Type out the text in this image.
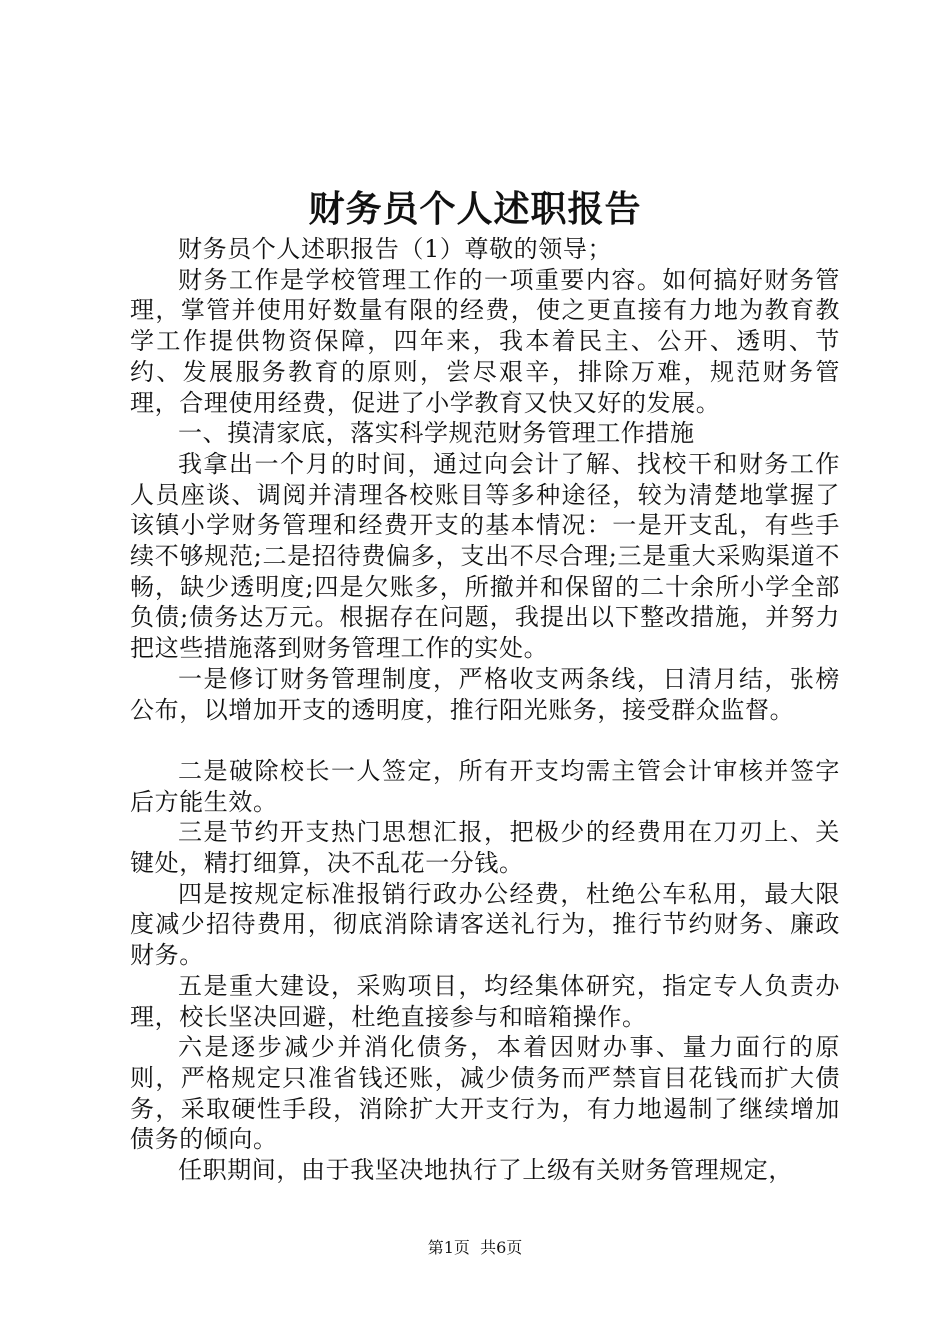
财务员个人述职报告

财务员个人述职报告（1）尊敬的领导；

财务工作是学校管理工作的一项重要内容。如何搞好财务管理，掌管并使用好数量有限的经费，使之更直接有力地为教育教学工作提供物资保障，四年来，我本着民主、公开、透明、节约、发展服务教育的原则，尝尽艰辛，排除万难，规范财务管理，合理使用经费，促进了小学教育又快又好的发展。

一、摸清家底，落实科学规范财务管理工作措施

我拿出一个月的时间，通过向会计了解、找校干和财务工作人员座谈、调阅并清理各校账目等多种途径，较为清楚地掌握了该镇小学财务管理和经费开支的基本情况：一是开支乱，有些手续不够规范;二是招待费偏多，支出不尽合理;三是重大采购渠道不畅，缺少透明度;四是欠账多，所撤并和保留的二十余所小学全部负债;债务达万元。根据存在问题，我提出以下整改措施，并努力把这些措施落到财务管理工作的实处。

一是修订财务管理制度，严格收支两条线，日清月结，张榜公布，以增加开支的透明度，推行阳光账务，接受群众监督。

二是破除校长一人签定，所有开支均需主管会计审核并签字后方能生效。

三是节约开支热门思想汇报，把极少的经费用在刀刃上、关键处，精打细算，决不乱花一分钱。

四是按规定标准报销行政办公经费，杜绝公车私用，最大限度减少招待费用，彻底消除请客送礼行为，推行节约财务、廉政财务。

五是重大建设，采购项目，均经集体研究，指定专人负责办理，校长坚决回避，杜绝直接参与和暗箱操作。

六是逐步减少并消化债务，本着因财办事、量力面行的原则，严格规定只准省钱还账，减少债务而严禁盲目花钱而扩大债务，采取硬性手段，消除扩大开支行为，有力地遏制了继续增加债务的倾向。

任职期间，由于我坚决地执行了上级有关财务管理规定，

第1页  共6页
